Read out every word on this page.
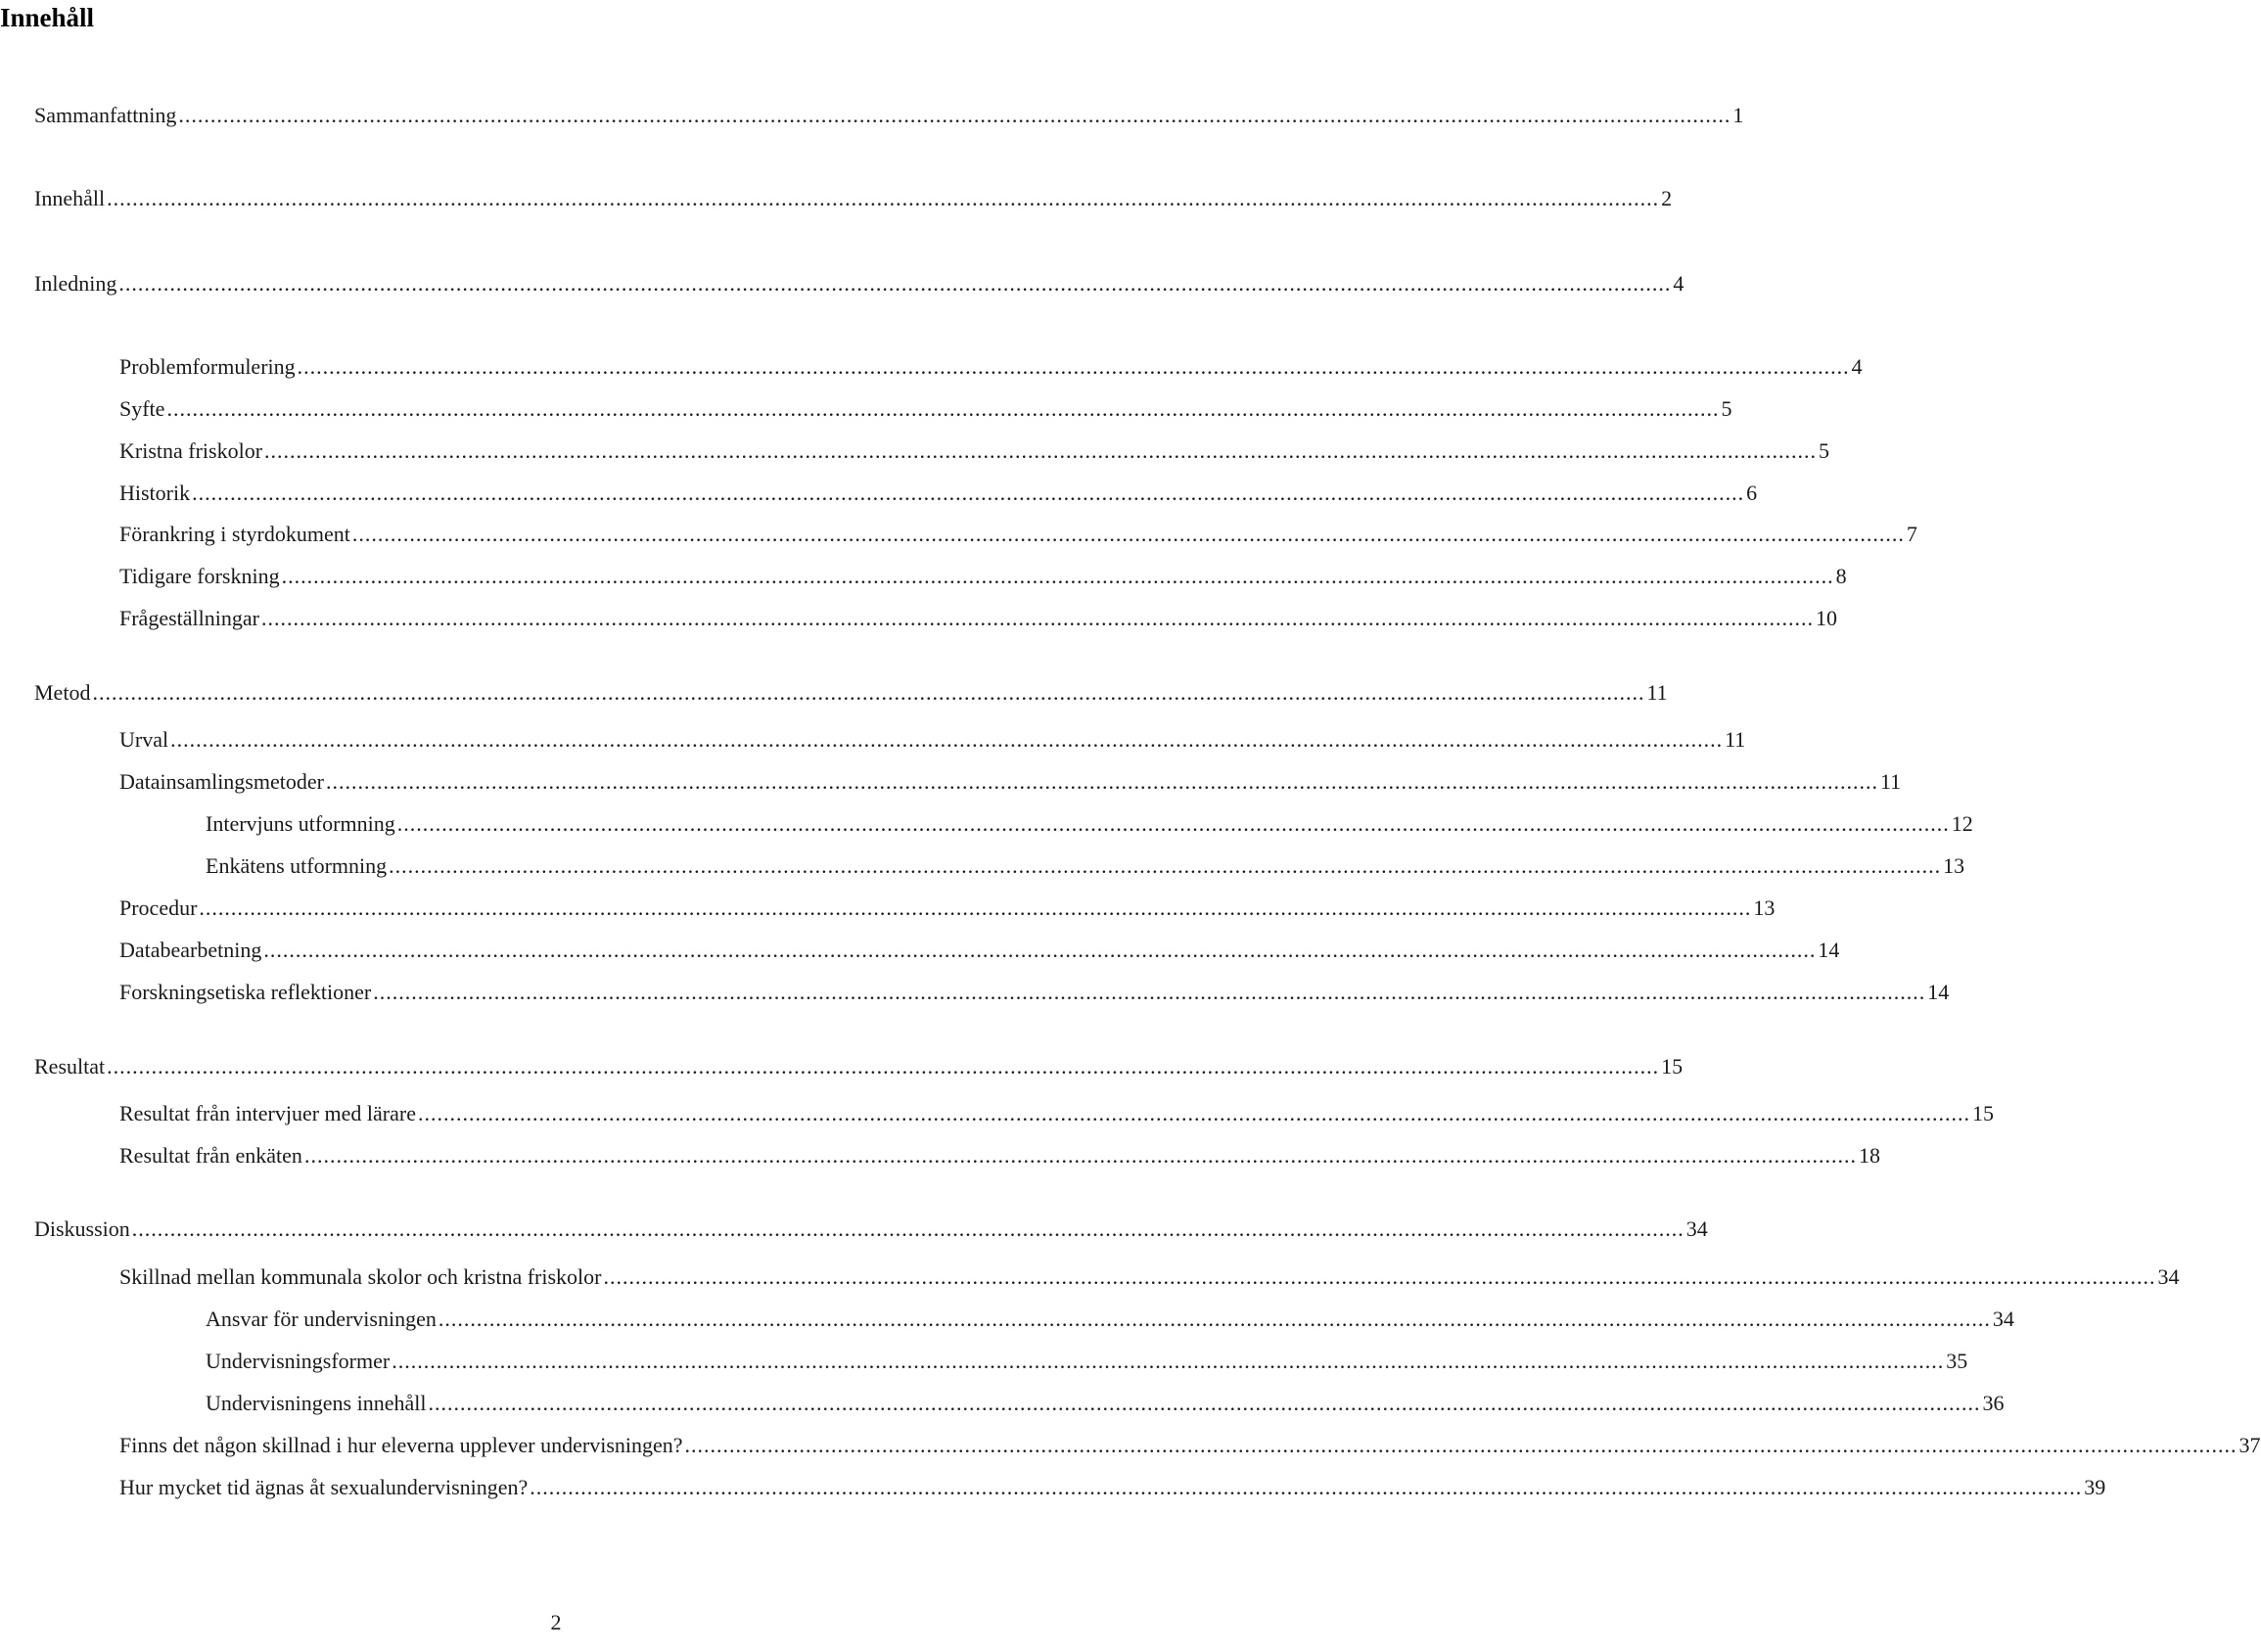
Innehåll
Sammanfattning .................................................................................................................................................................................................................................................... 1
Innehåll .................................................................................................................................................................................................................................................... 2
Inledning .................................................................................................................................................................................................................................................... 4
Problemformulering .................................................................................................................................................................................................................................................... 4
Syfte .................................................................................................................................................................................................................................................... 5
Kristna friskolor .................................................................................................................................................................................................................................................... 5
Historik .................................................................................................................................................................................................................................................... 6
Förankring i styrdokument .................................................................................................................................................................................................................................................... 7
Tidigare forskning .................................................................................................................................................................................................................................................... 8
Frågeställningar .................................................................................................................................................................................................................................................... 10
Metod .................................................................................................................................................................................................................................................... 11
Urval .................................................................................................................................................................................................................................................... 11
Datainsamlingsmetoder .................................................................................................................................................................................................................................................... 11
Intervjuns utformning .................................................................................................................................................................................................................................................... 12
Enkätens utformning .................................................................................................................................................................................................................................................... 13
Procedur .................................................................................................................................................................................................................................................... 13
Databearbetning .................................................................................................................................................................................................................................................... 14
Forskningsetiska reflektioner .................................................................................................................................................................................................................................................... 14
Resultat .................................................................................................................................................................................................................................................... 15
Resultat från intervjuer med lärare .................................................................................................................................................................................................................................................... 15
Resultat från enkäten .................................................................................................................................................................................................................................................... 18
Diskussion .................................................................................................................................................................................................................................................... 34
Skillnad mellan kommunala skolor och kristna friskolor .................................................................................................................................................................................................................................................... 34
Ansvar för undervisningen .................................................................................................................................................................................................................................................... 34
Undervisningsformer .................................................................................................................................................................................................................................................... 35
Undervisningens innehåll .................................................................................................................................................................................................................................................... 36
Finns det någon skillnad i hur eleverna upplever undervisningen? .................................................................................................................................................................................................................................................... 37
Hur mycket tid ägnas åt sexualundervisningen? .................................................................................................................................................................................................................................................... 39
2
